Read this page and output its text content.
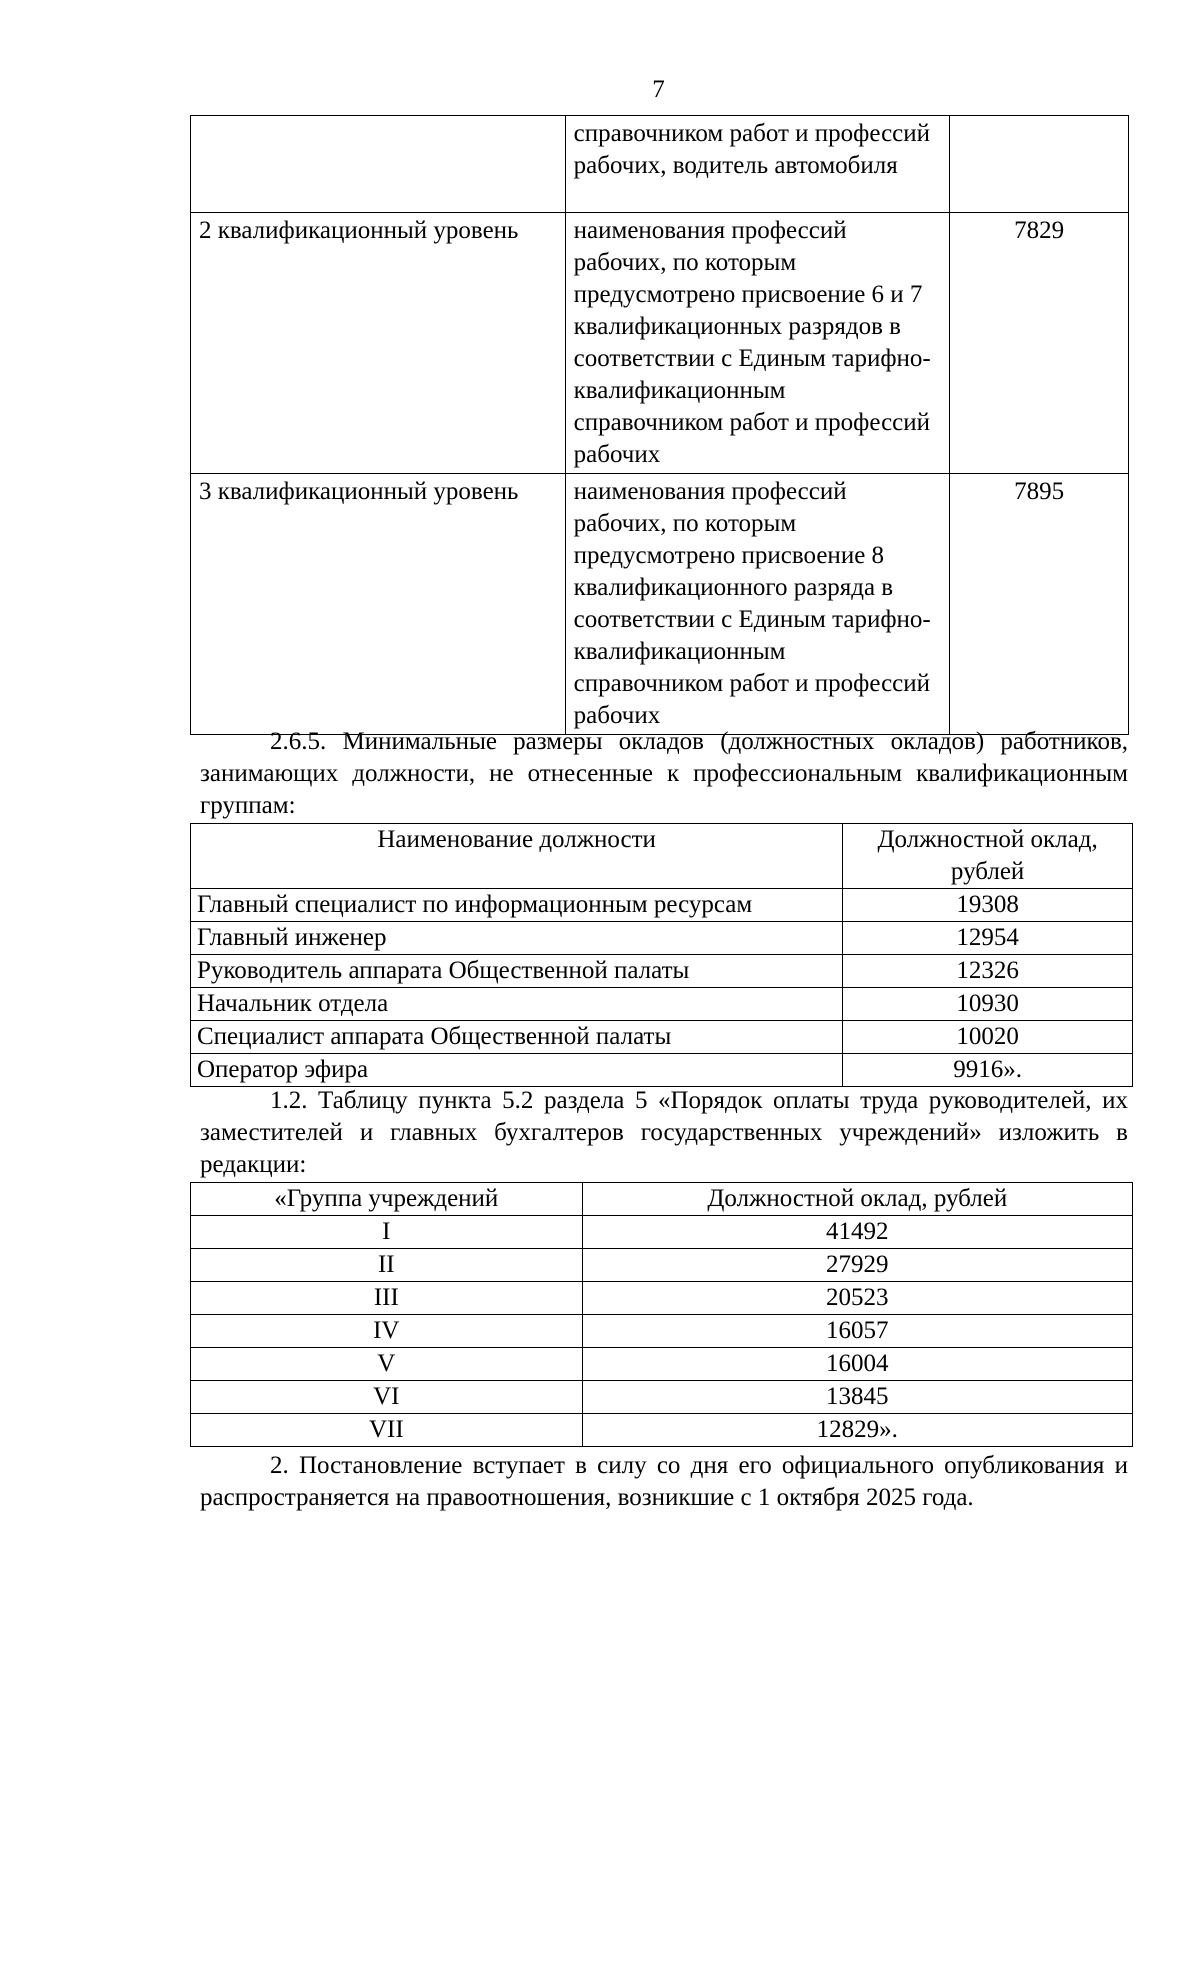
7
	справочником работ и профессий рабочих, водитель автомобиля	
2 квалификационный уровень	наименования профессий рабочих, по которым предусмотрено присвоение 6 и 7 квалификационных разрядов в соответствии с Единым тарифно-квалификационным справочником работ и профессий рабочих	7829
3 квалификационный уровень	наименования профессий рабочих, по которым предусмотрено присвоение 8 квалификационного разряда в соответствии с Единым тарифно-квалификационным справочником работ и профессий рабочих	7895

2.6.5. Минимальные размеры окладов (должностных окладов) работников, занимающих должности, не отнесенные к профессиональным квалификационным группам:

Наименование должности	Должностной оклад, рублей
Главный специалист по информационным ресурсам	19308
Главный инженер	12954
Руководитель аппарата Общественной палаты	12326
Начальник отдела	10930
Специалист аппарата Общественной палаты	10020
Оператор эфира	9916».

1.2. Таблицу пункта 5.2 раздела 5 «Порядок оплаты труда руководителей, их заместителей и главных бухгалтеров государственных учреждений» изложить в редакции:

«Группа учреждений	Должностной оклад, рублей
I	41492
II	27929
III	20523
IV	16057
V	16004
VI	13845
VII	12829».

2. Постановление вступает в силу со дня его официального опубликования и распространяется на правоотношения, возникшие с 1 октября 2025 года.
